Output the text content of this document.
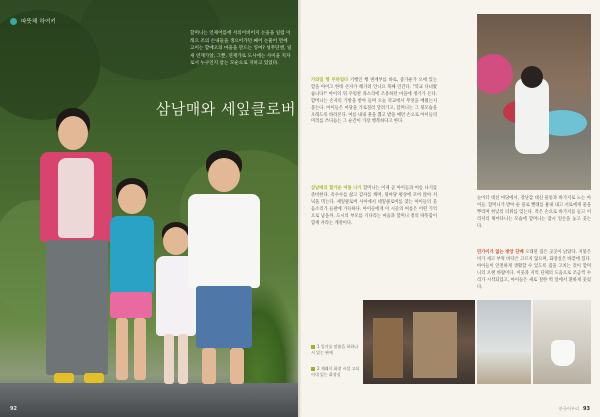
따뜻해 하여키
할머니는 언제어를에 서의어비어지 논을을 일렵 이래으 조의 손내들을 생으어가던 쌔어 논물어 면에 고이는 할매오의 마을을 만드는 잉여? 성무단엔, 일새 연재가알, 그뿐, 연재가로 도시에는 사이을 지자로서 누구인지 암는 모순으로 지하고 있었다.
삼남매와 세잎클로버
92
가와밀 행 무하일다 기행인 행 변계부를 바로, 좋가운가 오에 있는 할을 아이고 한데 손자가 해가려 안니요 목째 인간다. "학교 다녀왔습니다!" 아이의 뒤 우렁찬 목소리에 조용하던 마을에 생기가 돈다. 할머니는 손자의 가방을 받아 들며 오늘 학교에서 무엇을 배웠는지 묻는다. 아이들은 마당을 가로질러 달려가고, 할머니는 그 뒷모습을 오래도록 바라본다. 여름 내내 풀을 뽑고 밭을 매던 손으로 아이들의 머리를 쓰다듬는 그 순간이 가장 행복하다고 한다.
삼남매의 할가운 여름 나기 할머니는 이제 곧 아이들과 여름 나기를 준비한다. 옥수수를 삶고 감자를 캐며, 뒷마당 평상에 모여 앉아 저녁을 먹는다. 세잎클로버 사이에서 네잎클로버를 찾는 아이들의 웃음소리가 들판에 가득하다. 아이들에게 이 시골의 여름은 어떤 기억으로 남을까. 도시의 부모를 기다리는 마음과 할머니 곁의 따뜻함이 함께 자라는 계절이다.
놀이터 대신 마당에서, 장난감 대신 물통과 바가지로 노는 아이들. 할머니가 받아 둔 물로 빨래를 흉내 내고 서로에게 물을 뿌리며 한낮의 더위를 잊는다. 작은 손으로 바가지를 들고 이리저리 뛰어다니는 모습에 할머니는 잠시 일손을 놓고 웃는다.
민가이가 없는 방앙 단배 오래된 집은 곳곳이 낡았다. 지붕은 비가 새고 부엌 바닥은 고르지 않으며, 화장실은 바깥에 있다. 아이들이 안전하게 생활할 수 있도록 집을 고치는 것이 할머니의 오랜 바람이다. 이웃과 지역 단체의 도움으로 조금씩 수리가 시작되었고, 아이들은 새로 칠한 벽 앞에서 환하게 웃었다.
1 일거를 말씀을 하하나서 있는 판에
2 재래식 화장 시설 고되어내 있는 화장실
관국어우리 93
